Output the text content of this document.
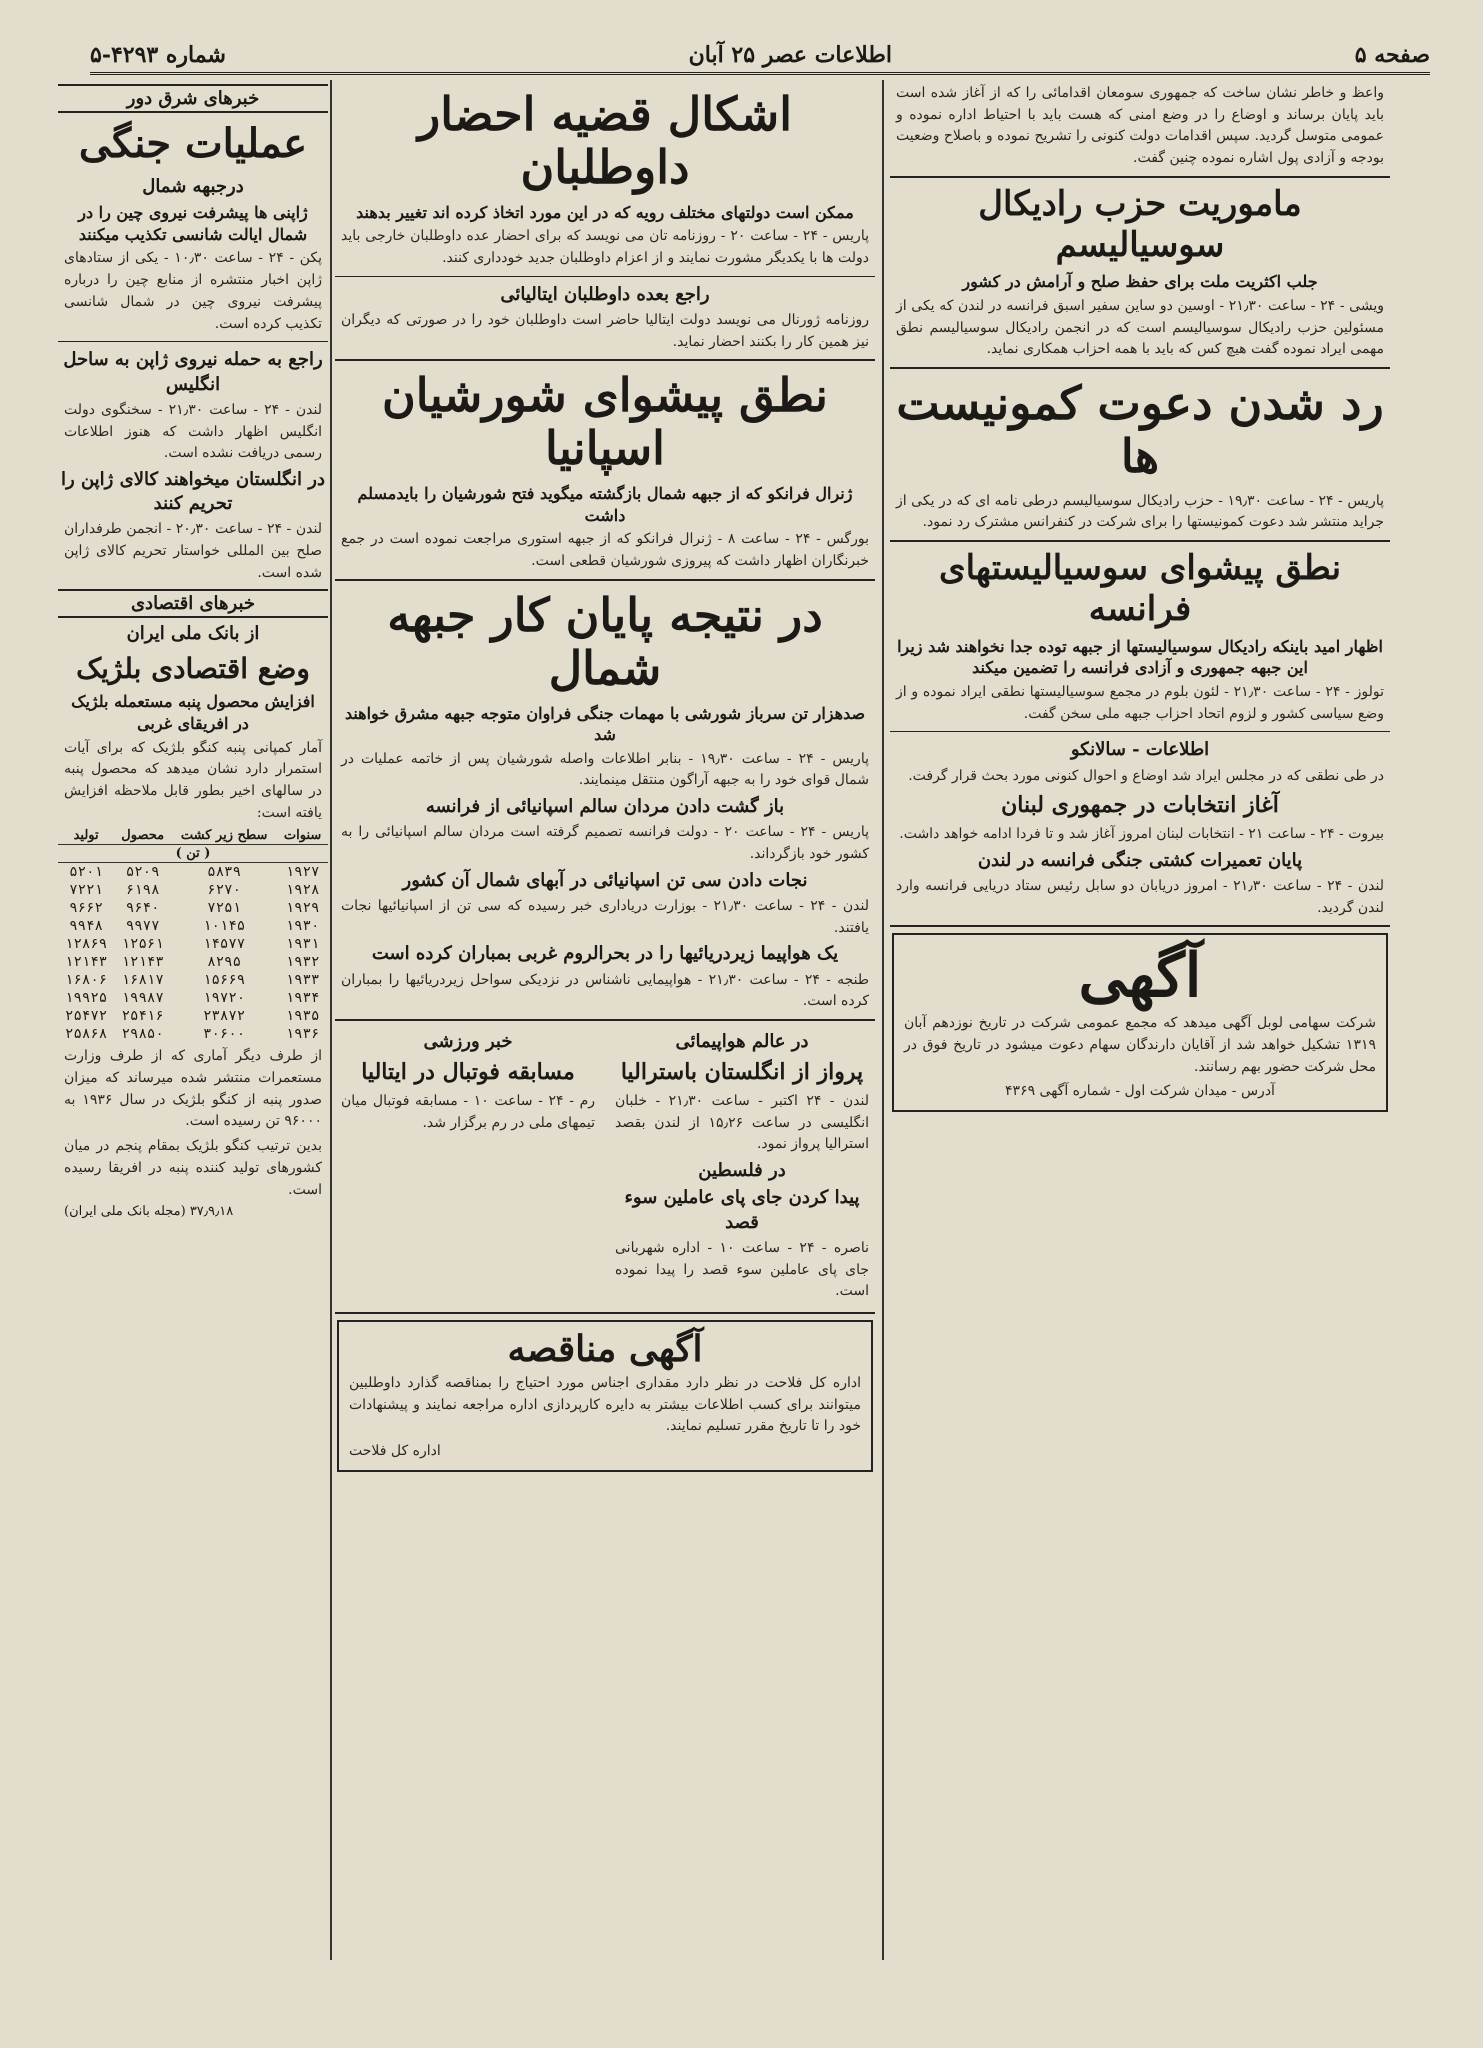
صفحه ۵
اطلاعات عصر ۲۵ آبان
شماره ۴۲۹۳-۵
واعظ و خاطر نشان ساخت که جمهوری سومعان اقدامائی را که از آغاز شده است باید پایان برساند و اوضاع را در وضع امنی که هست باید با احتیاط اداره نموده و عمومی متوسل گردید. سپس اقدامات دولت کنونی را تشریح نموده و باصلاح وضعیت بودجه و آزادی پول اشاره نموده چنین گفت.
ماموریت حزب رادیکال سوسیالیسم
جلب اکثریت ملت برای حفظ صلح و آرامش در کشور
ویشی - ۲۴ - ساعت ۲۱٫۳۰ - اوسین دو ساین سفیر اسبق فرانسه در لندن که یکی از مسئولین حزب رادیکال سوسیالیسم است که در انجمن رادیکال سوسیالیسم نطق مهمی ایراد نموده گفت هیچ کس که باید با همه احزاب همکاری نماید.
رد شدن دعوت کمونیست ها
پاریس - ۲۴ - ساعت ۱۹٫۳۰ - حزب رادیکال سوسیالیسم درطی نامه ای که در یکی از جراید منتشر شد دعوت کمونیستها را برای شرکت در کنفرانس مشترک رد نمود.
نطق پیشوای سوسیالیستهای فرانسه
اظهار امید باینکه رادیکال سوسیالیستها از جبهه توده جدا نخواهند شد زیرا این جبهه جمهوری و آزادی فرانسه را تضمین میکند
تولوز - ۲۴ - ساعت ۲۱٫۳۰ - لئون بلوم در مجمع سوسیالیستها نطقی ایراد نموده و از وضع سیاسی کشور و لزوم اتحاد احزاب جبهه ملی سخن گفت.
اطلاعات - سالانکو
در طی نطقی که در مجلس ایراد شد اوضاع و احوال کنونی مورد بحث قرار گرفت.
آغاز انتخابات در جمهوری لبنان
بیروت - ۲۴ - ساعت ۲۱ - انتخابات لبنان امروز آغاز شد و تا فردا ادامه خواهد داشت.
پایان تعمیرات کشتی جنگی فرانسه در لندن
لندن - ۲۴ - ساعت ۲۱٫۳۰ - امروز دریابان دو سابل رئیس ستاد دریایی فرانسه وارد لندن گردید.
آگهی
شرکت سهامی لوبل آگهی میدهد که مجمع عمومی شرکت در تاریخ نوزدهم آبان ۱۳۱۹ تشکیل خواهد شد از آقایان دارندگان سهام دعوت میشود در تاریخ فوق در محل شرکت حضور بهم رسانند.
آدرس - میدان شرکت اول - شماره آگهی ۴۳۶۹
اشکال قضیه احضار داوطلبان
ممکن است دولتهای مختلف رویه که در این مورد اتخاذ کرده اند تغییر بدهند
پاریس - ۲۴ - ساعت ۲۰ - روزنامه تان می نویسد که برای احضار عده داوطلبان خارجی باید دولت ها با یکدیگر مشورت نمایند و از اعزام داوطلبان جدید خودداری کنند.
راجع بعده داوطلبان ایتالیائی
روزنامه ژورنال می نویسد دولت ایتالیا حاضر است داوطلبان خود را در صورتی که دیگران نیز همین کار را بکنند احضار نماید.
نطق پیشوای شورشیان اسپانیا
ژنرال فرانکو که از جبهه شمال بازگشته میگوید فتح شورشیان را بایدمسلم داشت
بورگس - ۲۴ - ساعت ۸ - ژنرال فرانکو که از جبهه استوری مراجعت نموده است در جمع خبرنگاران اظهار داشت که پیروزی شورشیان قطعی است.
در نتیجه پایان کار جبهه شمال
صدهزار تن سرباز شورشی با مهمات جنگی فراوان متوجه جبهه مشرق خواهند شد
پاریس - ۲۴ - ساعت ۱۹٫۳۰ - بنابر اطلاعات واصله شورشیان پس از خاتمه عملیات در شمال قوای خود را به جبهه آراگون منتقل مینمایند.
باز گشت دادن مردان سالم اسپانیائی از فرانسه
پاریس - ۲۴ - ساعت ۲۰ - دولت فرانسه تصمیم گرفته است مردان سالم اسپانیائی را به کشور خود بازگرداند.
نجات دادن سی تن اسپانیائی در آبهای شمال آن کشور
لندن - ۲۴ - ساعت ۲۱٫۳۰ - بوزارت دریاداری خبر رسیده که سی تن از اسپانیائیها نجات یافتند.
یک هواپیما زیردریائیها را در بحرالروم غربی بمباران کرده است
طنجه - ۲۴ - ساعت ۲۱٫۳۰ - هواپیمایی ناشناس در نزدیکی سواحل زیردریائیها را بمباران کرده است.
در عالم هواپیمائی
پرواز از انگلستان باسترالیا
لندن - ۲۴ اکتبر - ساعت ۲۱٫۳۰ - خلبان انگلیسی در ساعت ۱۵٫۲۶ از لندن بقصد استرالیا پرواز نمود.
در فلسطین
پیدا کردن جای پای عاملین سوء قصد
ناصره - ۲۴ - ساعت ۱۰ - اداره شهربانی جای پای عاملین سوء قصد را پیدا نموده است.
خبر ورزشی
مسابقه فوتبال در ایتالیا
رم - ۲۴ - ساعت ۱۰ - مسابقه فوتبال میان تیمهای ملی در رم برگزار شد.
آگهی مناقصه
اداره کل فلاحت در نظر دارد مقداری اجناس مورد احتیاج را بمناقصه گذارد داوطلبین میتوانند برای کسب اطلاعات بیشتر به دایره کارپردازی اداره مراجعه نمایند و پیشنهادات خود را تا تاریخ مقرر تسلیم نمایند.
اداره کل فلاحت
خبرهای شرق دور
عملیات جنگی
درجبهه شمال
ژاپنی ها پیشرفت نیروی چین را در شمال ایالت شانسی تکذیب میکنند
پکن - ۲۴ - ساعت ۱۰٫۳۰ - یکی از ستادهای ژاپن اخبار منتشره از منابع چین را درباره پیشرفت نیروی چین در شمال شانسی تکذیب کرده است.
راجع به حمله نیروی ژاپن به ساحل انگلیس
لندن - ۲۴ - ساعت ۲۱٫۳۰ - سخنگوی دولت انگلیس اظهار داشت که هنوز اطلاعات رسمی دریافت نشده است.
در انگلستان میخواهند کالای ژاپن را تحریم کنند
لندن - ۲۴ - ساعت ۲۰٫۳۰ - انجمن طرفداران صلح بین المللی خواستار تحریم کالای ژاپن شده است.
خبرهای اقتصادی
از بانک ملی ایران
وضع اقتصادی بلژیک
افزایش محصول پنبه مستعمله بلژیک در افریقای غربی
آمار کمپانی پنبه کنگو بلژیک که برای آیات استمرار دارد نشان میدهد که محصول پنبه در سالهای اخیر بطور قابل ملاحظه افزایش یافته است:
سنوات	سطح زیر کشت	محصول	تولید
( تن )			
۱۹۲۷	۵۸۳۹	۵۲۰۹	۵۲۰۱
۱۹۲۸	۶۲۷۰	۶۱۹۸	۷۲۲۱
۱۹۲۹	۷۲۵۱	۹۶۴۰	۹۶۶۲
۱۹۳۰	۱۰۱۴۵	۹۹۷۷	۹۹۴۸
۱۹۳۱	۱۴۵۷۷	۱۲۵۶۱	۱۲۸۶۹
۱۹۳۲	۸۲۹۵	۱۲۱۴۳	۱۲۱۴۳
۱۹۳۳	۱۵۶۶۹	۱۶۸۱۷	۱۶۸۰۶
۱۹۳۴	۱۹۷۲۰	۱۹۹۸۷	۱۹۹۲۵
۱۹۳۵	۲۳۸۷۲	۲۵۴۱۶	۲۵۴۷۲
۱۹۳۶	۳۰۶۰۰	۲۹۸۵۰	۲۵۸۶۸
از طرف دیگر آماری که از طرف وزارت مستعمرات منتشر شده میرساند که میزان صدور پنبه از کنگو بلژیک در سال ۱۹۳۶ به ۹۶۰۰۰ تن رسیده است.
بدین ترتیب کنگو بلژیک بمقام پنجم در میان کشورهای تولید کننده پنبه در افریقا رسیده است.
(مجله بانک ملی ایران) ۳۷٫۹٫۱۸
